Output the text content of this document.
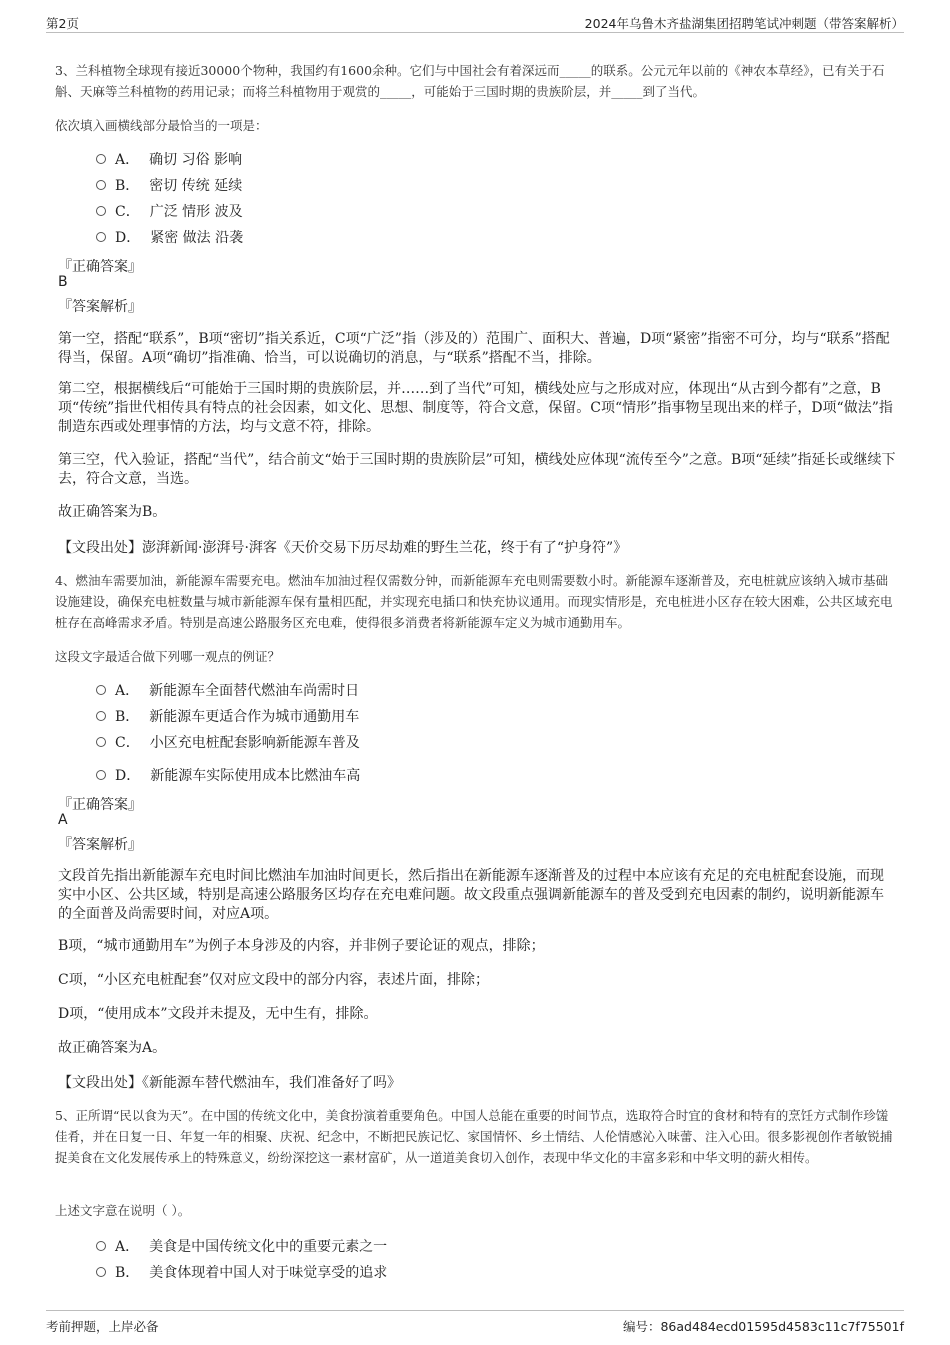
第2页	2024年乌鲁木齐盐湖集团招聘笔试冲刺题（带答案解析）
3、兰科植物全球现有接近30000个物种，我国约有1600余种。它们与中国社会有着深远而_____的联系。公元元年以前的《神农本草经》，已有关于石斛、天麻等兰科植物的药用记录；而将兰科植物用于观赏的_____，可能始于三国时期的贵族阶层，并_____到了当代。
依次填入画横线部分最恰当的一项是：
A． 确切 习俗 影响
B． 密切 传统 延续
C． 广泛 情形 波及
D． 紧密 做法 沿袭
『正确答案』
B
『答案解析』
第一空，搭配“联系”，B项“密切”指关系近，C项“广泛”指（涉及的）范围广、面积大、普遍，D项“紧密”指密不可分，均与“联系”搭配得当，保留。A项“确切”指准确、恰当，可以说确切的消息，与“联系”搭配不当，排除。
第二空，根据横线后“可能始于三国时期的贵族阶层，并……到了当代”可知，横线处应与之形成对应，体现出“从古到今都有”之意，B项“传统”指世代相传具有特点的社会因素，如文化、思想、制度等，符合文意，保留。C项“情形”指事物呈现出来的样子，D项“做法”指制造东西或处理事情的方法，均与文意不符，排除。
第三空，代入验证，搭配“当代”，结合前文“始于三国时期的贵族阶层”可知，横线处应体现“流传至今”之意。B项“延续”指延长或继续下去，符合文意，当选。
故正确答案为B。
【文段出处】澎湃新闻·澎湃号·湃客《天价交易下历尽劫难的野生兰花，终于有了“护身符”》
4、燃油车需要加油，新能源车需要充电。燃油车加油过程仅需数分钟，而新能源车充电则需要数小时。新能源车逐渐普及，充电桩就应该纳入城市基础设施建设，确保充电桩数量与城市新能源车保有量相匹配，并实现充电插口和快充协议通用。而现实情形是，充电桩进小区存在较大困难，公共区域充电桩存在高峰需求矛盾。特别是高速公路服务区充电难，使得很多消费者将新能源车定义为城市通勤用车。
这段文字最适合做下列哪一观点的例证？
A． 新能源车全面替代燃油车尚需时日
B． 新能源车更适合作为城市通勤用车
C． 小区充电桩配套影响新能源车普及
D． 新能源车实际使用成本比燃油车高
『正确答案』
A
『答案解析』
文段首先指出新能源车充电时间比燃油车加油时间更长，然后指出在新能源车逐渐普及的过程中本应该有充足的充电桩配套设施，而现实中小区、公共区域，特别是高速公路服务区均存在充电难问题。故文段重点强调新能源车的普及受到充电因素的制约，说明新能源车的全面普及尚需要时间，对应A项。
B项，“城市通勤用车”为例子本身涉及的内容，并非例子要论证的观点，排除；
C项，“小区充电桩配套”仅对应文段中的部分内容，表述片面，排除；
D项，“使用成本”文段并未提及，无中生有，排除。
故正确答案为A。
【文段出处】《新能源车替代燃油车，我们准备好了吗》
5、正所谓“民以食为天”。在中国的传统文化中，美食扮演着重要角色。中国人总能在重要的时间节点，选取符合时宜的食材和特有的烹饪方式制作珍馐佳肴，并在日复一日、年复一年的相聚、庆祝、纪念中，不断把民族记忆、家国情怀、乡土情结、人伦情感沁入味蕾、注入心田。很多影视创作者敏锐捕捉美食在文化发展传承上的特殊意义，纷纷深挖这一素材富矿，从一道道美食切入创作，表现中华文化的丰富多彩和中华文明的薪火相传。
上述文字意在说明（ ）。
A． 美食是中国传统文化中的重要元素之一
B． 美食体现着中国人对于味觉享受的追求
考前押题，上岸必备	编号：86ad484ecd01595d4583c11c7f75501f
